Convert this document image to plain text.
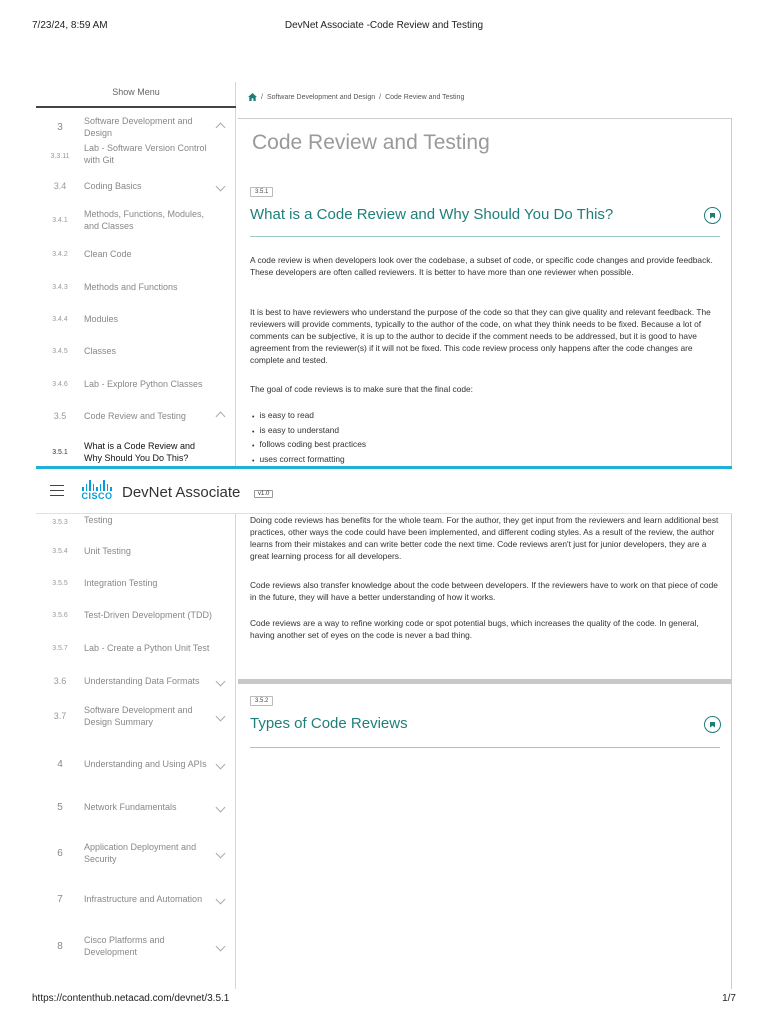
7/23/24, 8:59 AM	DevNet Associate -Code Review and Testing
Show Menu
3
Software Development and Design
3.3.11
Lab - Software Version Control with Git
3.4	Coding Basics
3.4.1
Methods, Functions, Modules, and Classes
3.4.2	Clean Code
3.4.3	Methods and Functions
3.4.4	Modules
3.4.5	Classes
3.4.6	Lab - Explore Python Classes
3.5	Code Review and Testing
3.5.1
What is a Code Review and Why Should You Do This?
3.5.3	Testing
3.5.4	Unit Testing
3.5.5	Integration Testing
3.5.6	Test-Driven Development (TDD)
3.5.7	Lab - Create a Python Unit Test
3.6	Understanding Data Formats
3.7
Software Development and Design Summary
4	Understanding and Using APIs
5	Network Fundamentals
6
Application Deployment and Security
7	Infrastructure and Automation
8
Cisco Platforms and Development
/ Software Development and Design / Code Review and Testing
Code Review and Testing
3.5.1
What is a Code Review and Why Should You Do This?
A code review is when developers look over the codebase, a subset of code, or specific code changes and provide feedback. These developers are often called reviewers. It is better to have more than one reviewer when possible.
It is best to have reviewers who understand the purpose of the code so that they can give quality and relevant feedback. The reviewers will provide comments, typically to the author of the code, on what they think needs to be fixed. Because a lot of comments can be subjective, it is up to the author to decide if the comment needs to be addressed, but it is good to have agreement from the reviewer(s) if it will not be fixed. This code review process only happens after the code changes are complete and tested.
The goal of code reviews is to make sure that the final code:
• is easy to read
• is easy to understand
• follows coding best practices
• uses correct formatting
•
Doing code reviews has benefits for the whole team. For the author, they get input from the reviewers and learn additional best practices, other ways the code could have been implemented, and different coding styles. As a result of the review, the author learns from their mistakes and can write better code the next time. Code reviews aren't just for junior developers, they are a great learning process for all developers.
Code reviews also transfer knowledge about the code between developers. If the reviewers have to work on that piece of code in the future, they will have a better understanding of how it works.
Code reviews are a way to refine working code or spot potential bugs, which increases the quality of the code. In general, having another set of eyes on the code is never a bad thing.
3.5.2
Types of Code Reviews
CISCO DevNet Associate	v1.0
https://contenthub.netacad.com/devnet/3.5.1	1/7
